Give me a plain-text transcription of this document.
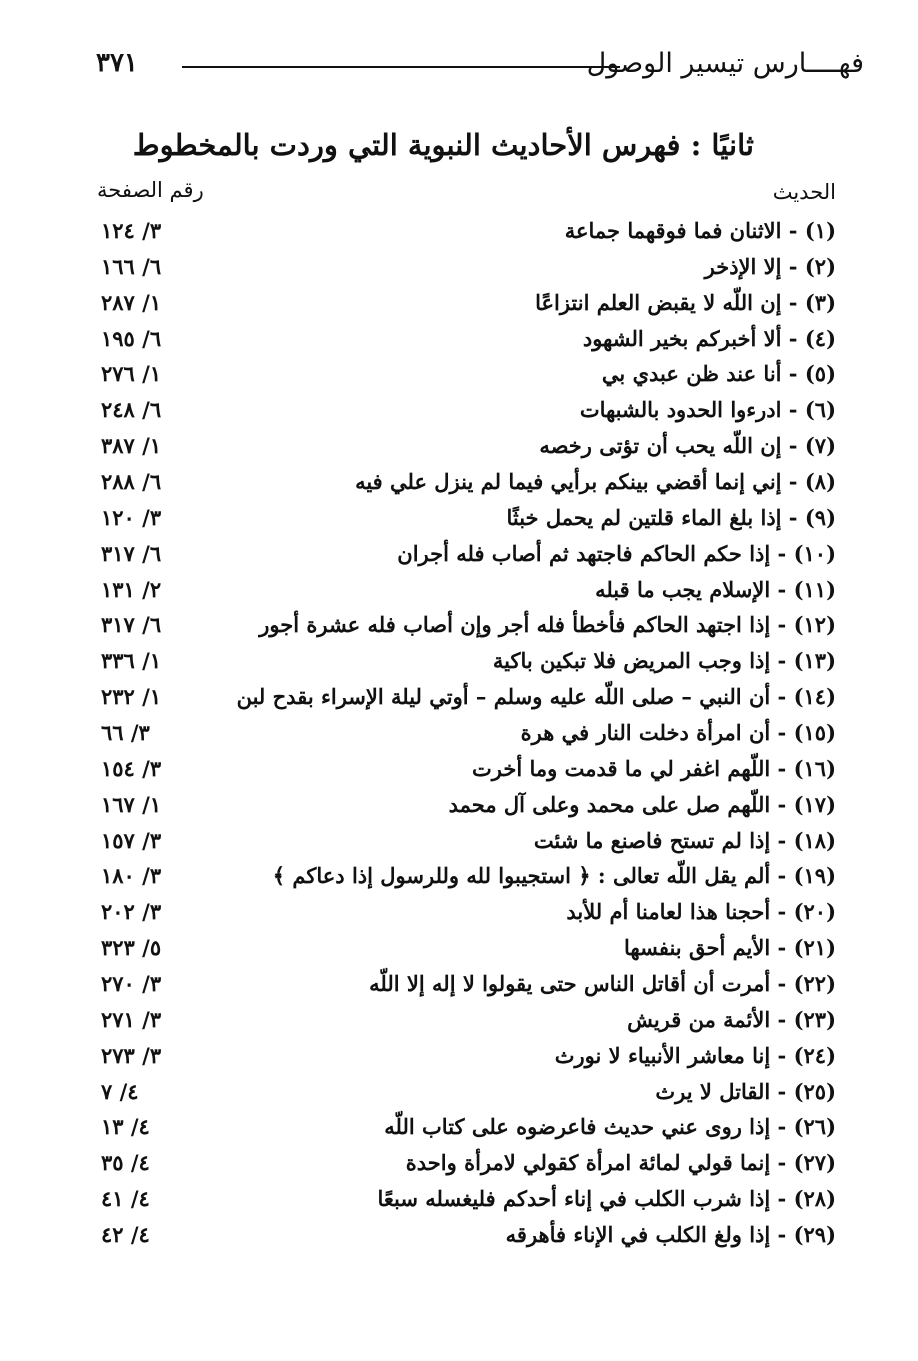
٣٧١	فهــــارس تيسير الوصول
ثانيًا : فهرس الأحاديث النبوية التي وردت بالمخطوط
رقم الصفحة	الحديث
(١) - الاثنان فما فوقهما جماعة
٣/ ١٢٤
(٢) - إلا الإذخر
٦/ ١٦٦
(٣) - إن اللّه لا يقبض العلم انتزاعًا
١/ ٢٨٧
(٤) - ألا أخبركم بخير الشهود
٦/ ١٩٥
(٥) - أنا عند ظن عبدي بي
١/ ٢٧٦
(٦) - ادرءوا الحدود بالشبهات
٦/ ٢٤٨
(٧) - إن اللّه يحب أن تؤتى رخصه
١/ ٣٨٧
(٨) - إني إنما أقضي بينكم برأيي فيما لم ينزل علي فيه
٦/ ٢٨٨
(٩) - إذا بلغ الماء قلتين لم يحمل خبثًا
٣/ ١٢٠
(١٠) - إذا حكم الحاكم فاجتهد ثم أصاب فله أجران
٦/ ٣١٧
(١١) - الإسلام يجب ما قبله
٢/ ١٣١
(١٢) - إذا اجتهد الحاكم فأخطأ فله أجر وإن أصاب فله عشرة أجور
٦/ ٣١٧
(١٣) - إذا وجب المريض فلا تبكين باكية
١/ ٣٣٦
(١٤) - أن النبي – صلى اللّه عليه وسلم – أوتي ليلة الإسراء بقدح لبن
١/ ٢٣٢
(١٥) - أن امرأة دخلت النار في هرة
٣/ ٦٦
(١٦) - اللّهم اغفر لي ما قدمت وما أخرت
٣/ ١٥٤
(١٧) - اللّهم صل على محمد وعلى آل محمد
١/ ١٦٧
(١٨) - إذا لم تستح فاصنع ما شئت
٣/ ١٥٧
(١٩) - ألم يقل اللّه تعالى : ﴿ استجيبوا لله وللرسول إذا دعاكم ﴾
٣/ ١٨٠
(٢٠) - أحجنا هذا لعامنا أم للأبد
٣/ ٢٠٢
(٢١) - الأيم أحق بنفسها
٥/ ٣٢٣
(٢٢) - أمرت أن أقاتل الناس حتى يقولوا لا إله إلا اللّه
٣/ ٢٧٠
(٢٣) - الأئمة من قريش
٣/ ٢٧١
(٢٤) - إنا معاشر الأنبياء لا نورث
٣/ ٢٧٣
(٢٥) - القاتل لا يرث
٤/ ٧
(٢٦) - إذا روى عني حديث فاعرضوه على كتاب اللّه
٤/ ١٣
(٢٧) - إنما قولي لمائة امرأة كقولي لامرأة واحدة
٤/ ٣٥
(٢٨) - إذا شرب الكلب في إناء أحدكم فليغسله سبعًا
٤/ ٤١
(٢٩) - إذا ولغ الكلب في الإناء فأهرقه
٤/ ٤٢
